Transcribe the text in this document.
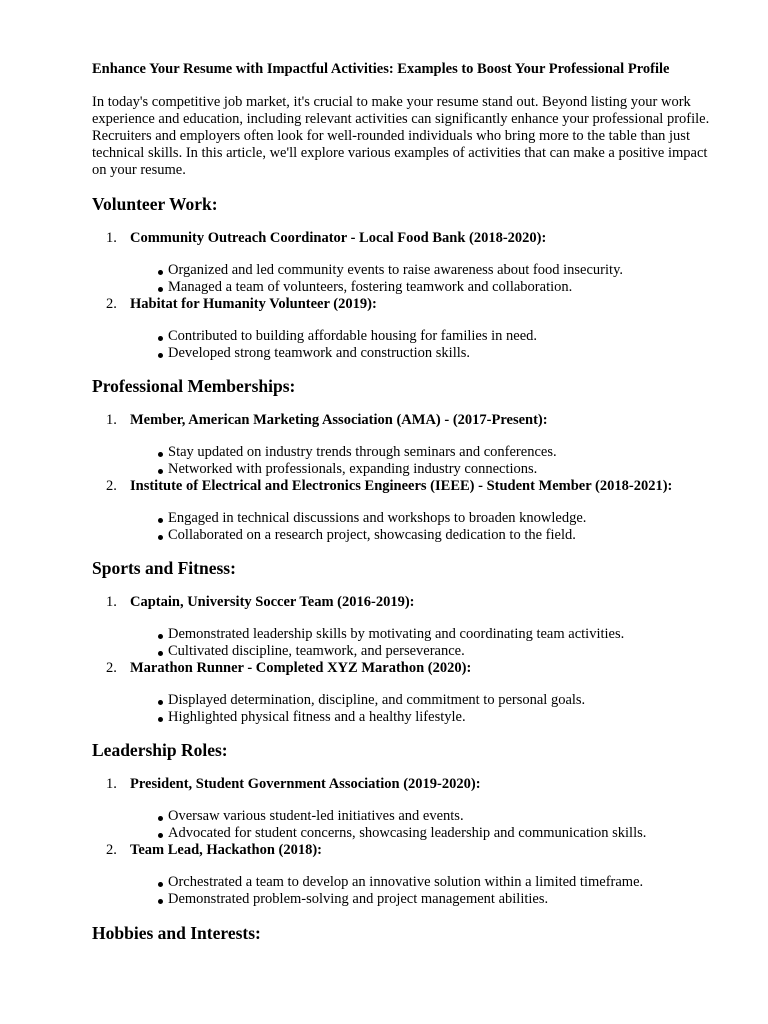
Enhance Your Resume with Impactful Activities: Examples to Boost Your Professional Profile
In today's competitive job market, it's crucial to make your resume stand out. Beyond listing your work experience and education, including relevant activities can significantly enhance your professional profile. Recruiters and employers often look for well-rounded individuals who bring more to the table than just technical skills. In this article, we'll explore various examples of activities that can make a positive impact on your resume.
Volunteer Work:
1. Community Outreach Coordinator - Local Food Bank (2018-2020):
Organized and led community events to raise awareness about food insecurity.
Managed a team of volunteers, fostering teamwork and collaboration.
2. Habitat for Humanity Volunteer (2019):
Contributed to building affordable housing for families in need.
Developed strong teamwork and construction skills.
Professional Memberships:
1. Member, American Marketing Association (AMA) - (2017-Present):
Stay updated on industry trends through seminars and conferences.
Networked with professionals, expanding industry connections.
2. Institute of Electrical and Electronics Engineers (IEEE) - Student Member (2018-2021):
Engaged in technical discussions and workshops to broaden knowledge.
Collaborated on a research project, showcasing dedication to the field.
Sports and Fitness:
1. Captain, University Soccer Team (2016-2019):
Demonstrated leadership skills by motivating and coordinating team activities.
Cultivated discipline, teamwork, and perseverance.
2. Marathon Runner - Completed XYZ Marathon (2020):
Displayed determination, discipline, and commitment to personal goals.
Highlighted physical fitness and a healthy lifestyle.
Leadership Roles:
1. President, Student Government Association (2019-2020):
Oversaw various student-led initiatives and events.
Advocated for student concerns, showcasing leadership and communication skills.
2. Team Lead, Hackathon (2018):
Orchestrated a team to develop an innovative solution within a limited timeframe.
Demonstrated problem-solving and project management abilities.
Hobbies and Interests:
